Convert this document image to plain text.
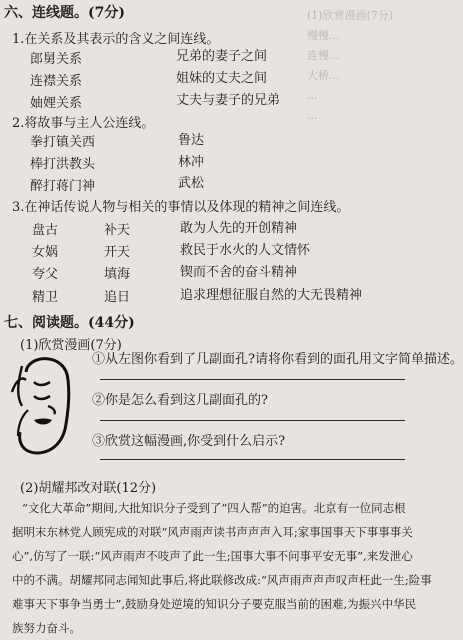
(1)欣赏漫画(7分)
慢慢...
连慢...
大桥...
...
...
六、连线题。(7分)
1.在关系及其表示的含义之间连线。
郎舅关系
连襟关系
妯娌关系
兄弟的妻子之间
姐妹的丈夫之间
丈夫与妻子的兄弟
2.将故事与主人公连线。
拳打镇关西
棒打洪教头
醉打蒋门神
鲁达
林冲
武松
3.在神话传说人物与相关的事情以及体现的精神之间连线。
盘古
女娲
夸父
精卫
补天
开天
填海
追日
敢为人先的开创精神
救民于水火的人文情怀
锲而不舍的奋斗精神
追求理想征服自然的大无畏精神
七、阅读题。(44分)
(1)欣赏漫画(7分)
①从左图你看到了几副面孔?请将你看到的面孔用文字简单描述。
②你是怎么看到这几副面孔的?
③欣赏这幅漫画,你受到什么启示?
(2)胡耀邦改对联(12分)
“文化大革命”期间,大批知识分子受到了“四人帮”的迫害。北京有一位同志根
据明末东林党人顾宪成的对联“风声雨声读书声声声入耳;家事国事天下事事事关
心”,仿写了一联:“风声雨声不吱声了此一生;国事大事不问事平安无事”,来发泄心
中的不满。胡耀邦同志闻知此事后,将此联修改成:“风声雨声声声叹声枉此一生;险事
难事天下事争当勇士”,鼓励身处逆境的知识分子要克服当前的困难,为振兴中华民
族努力奋斗。
